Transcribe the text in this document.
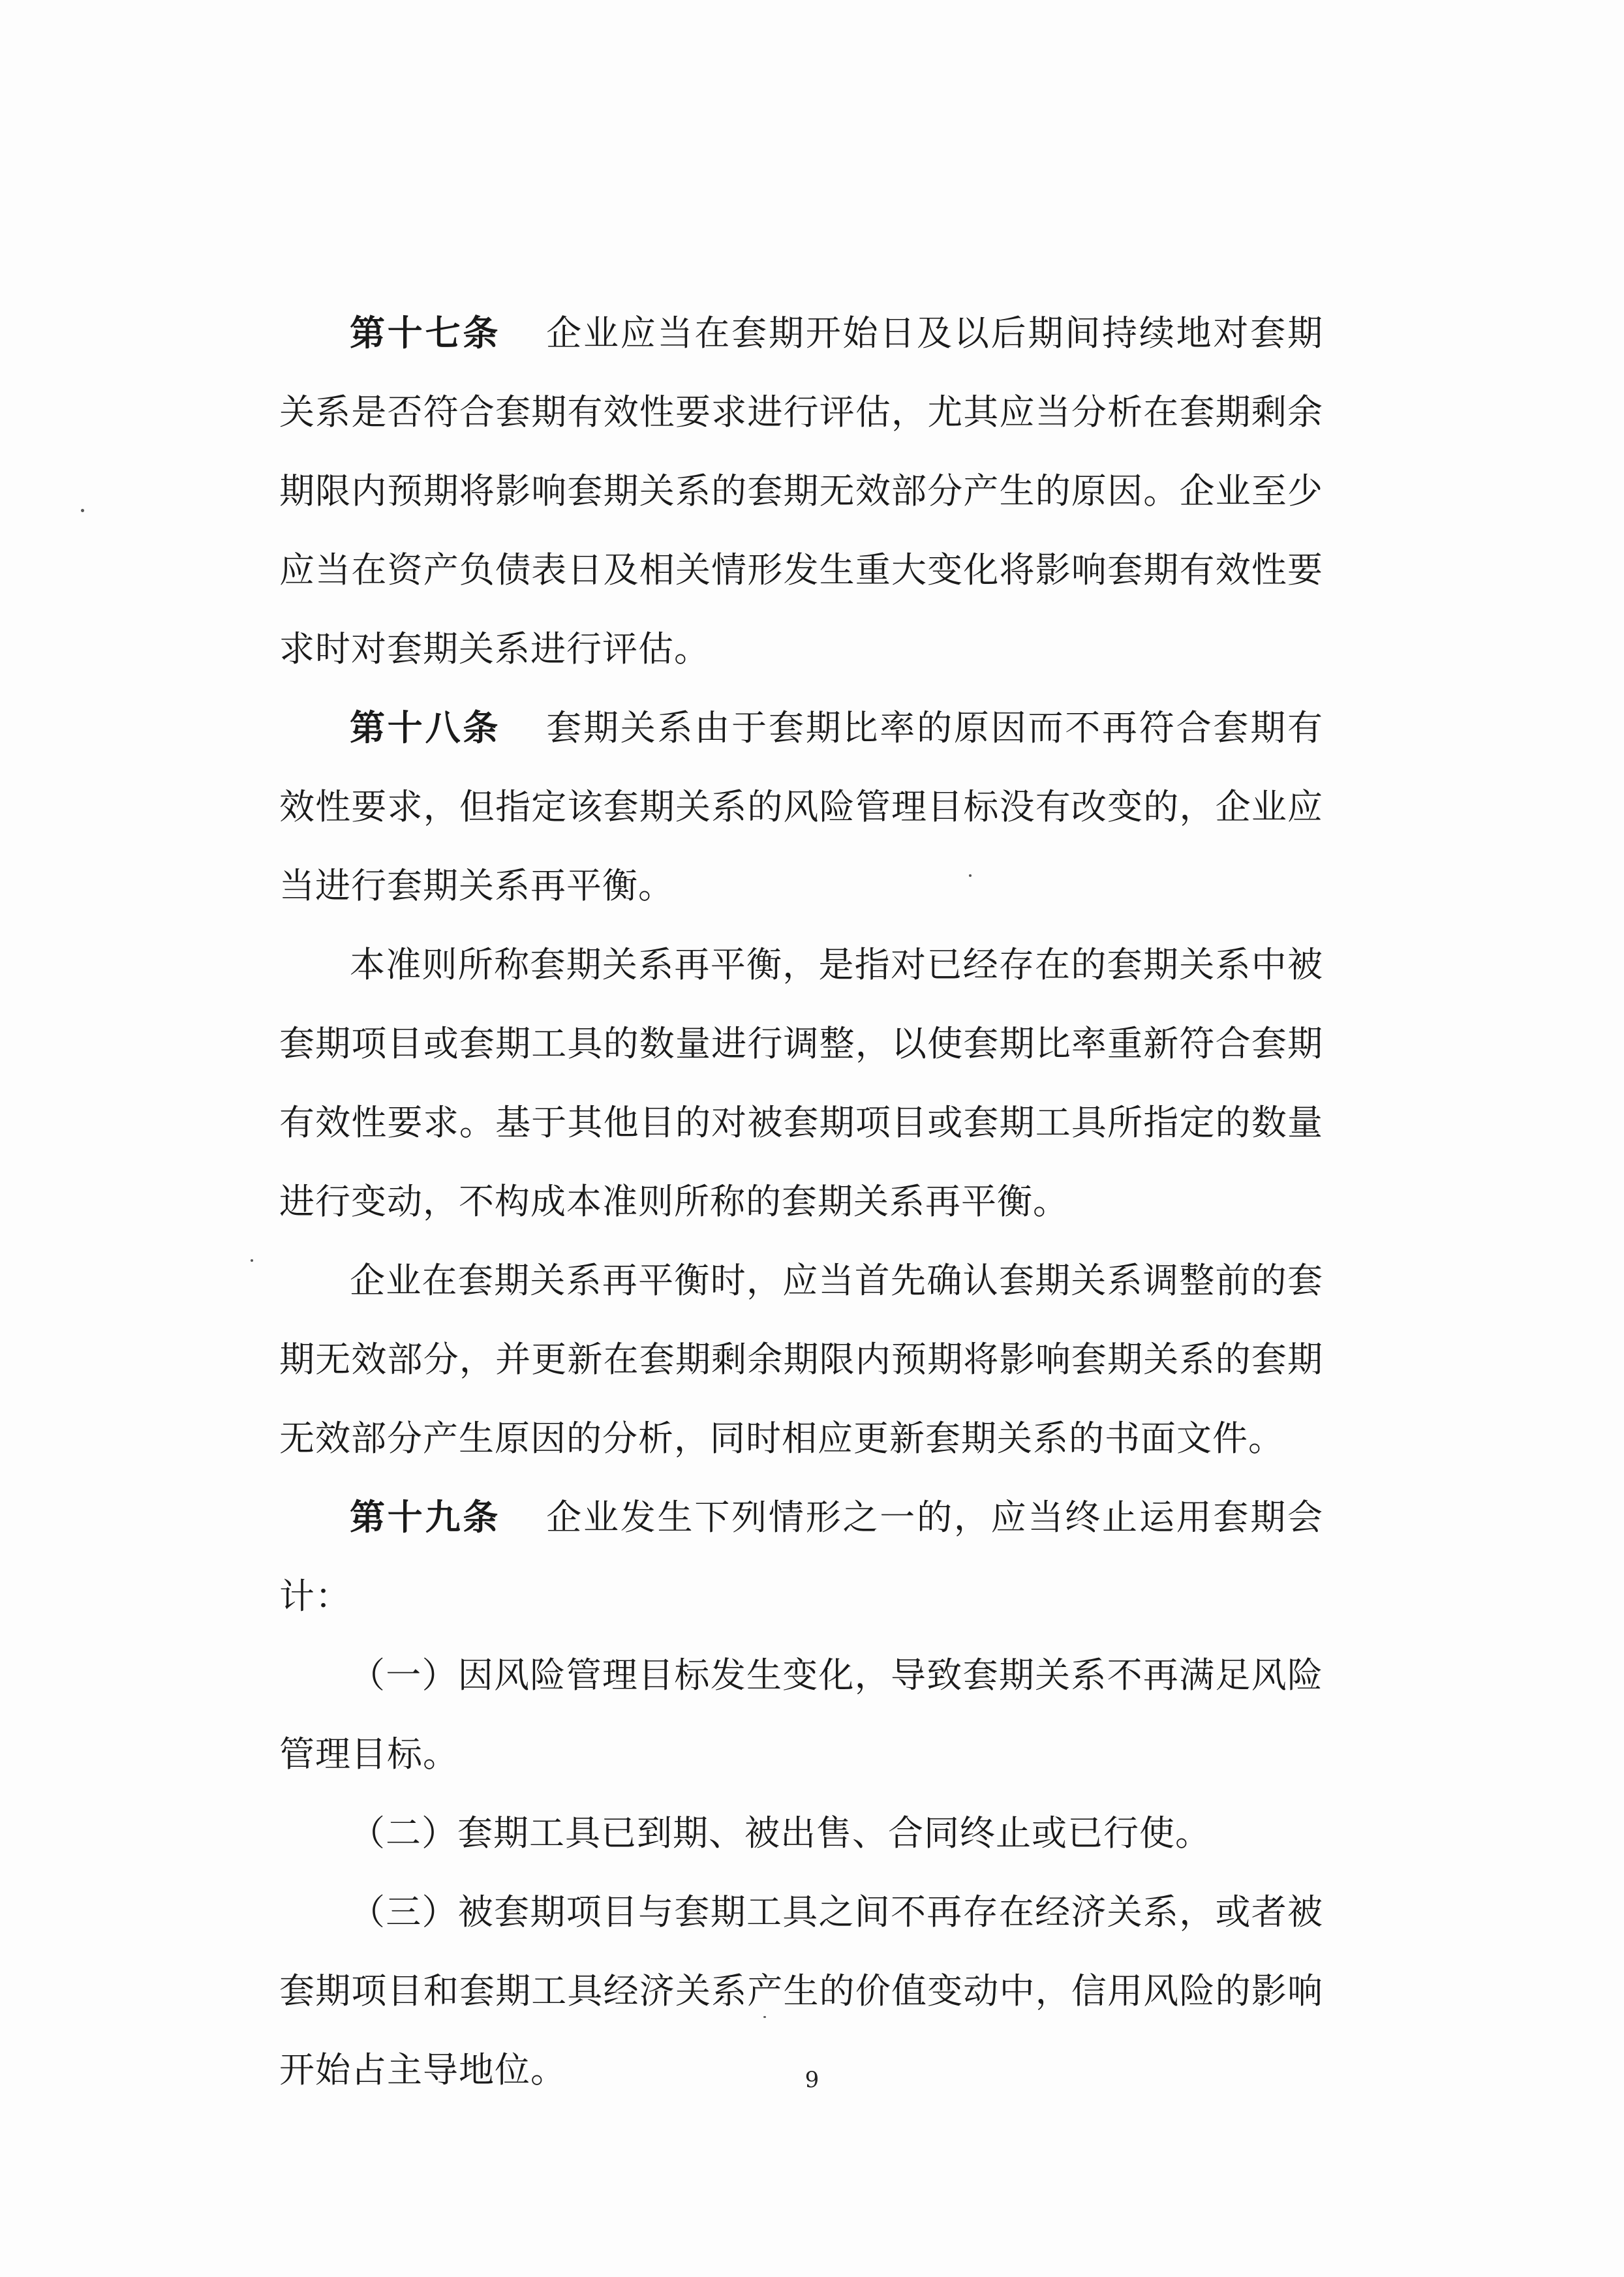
第十七条 企业应当在套期开始日及以后期间持续地对套期关系是否符合套期有效性要求进行评估，尤其应当分析在套期剩余期限内预期将影响套期关系的套期无效部分产生的原因。企业至少应当在资产负债表日及相关情形发生重大变化将影响套期有效性要求时对套期关系进行评估。

第十八条 套期关系由于套期比率的原因而不再符合套期有效性要求，但指定该套期关系的风险管理目标没有改变的，企业应当进行套期关系再平衡。

本准则所称套期关系再平衡，是指对已经存在的套期关系中被套期项目或套期工具的数量进行调整，以使套期比率重新符合套期有效性要求。基于其他目的对被套期项目或套期工具所指定的数量进行变动，不构成本准则所称的套期关系再平衡。

企业在套期关系再平衡时，应当首先确认套期关系调整前的套期无效部分，并更新在套期剩余期限内预期将影响套期关系的套期无效部分产生原因的分析，同时相应更新套期关系的书面文件。

第十九条 企业发生下列情形之一的，应当终止运用套期会计：

（一）因风险管理目标发生变化，导致套期关系不再满足风险管理目标。

（二）套期工具已到期、被出售、合同终止或已行使。

（三）被套期项目与套期工具之间不再存在经济关系，或者被套期项目和套期工具经济关系产生的价值变动中，信用风险的影响开始占主导地位。	9
